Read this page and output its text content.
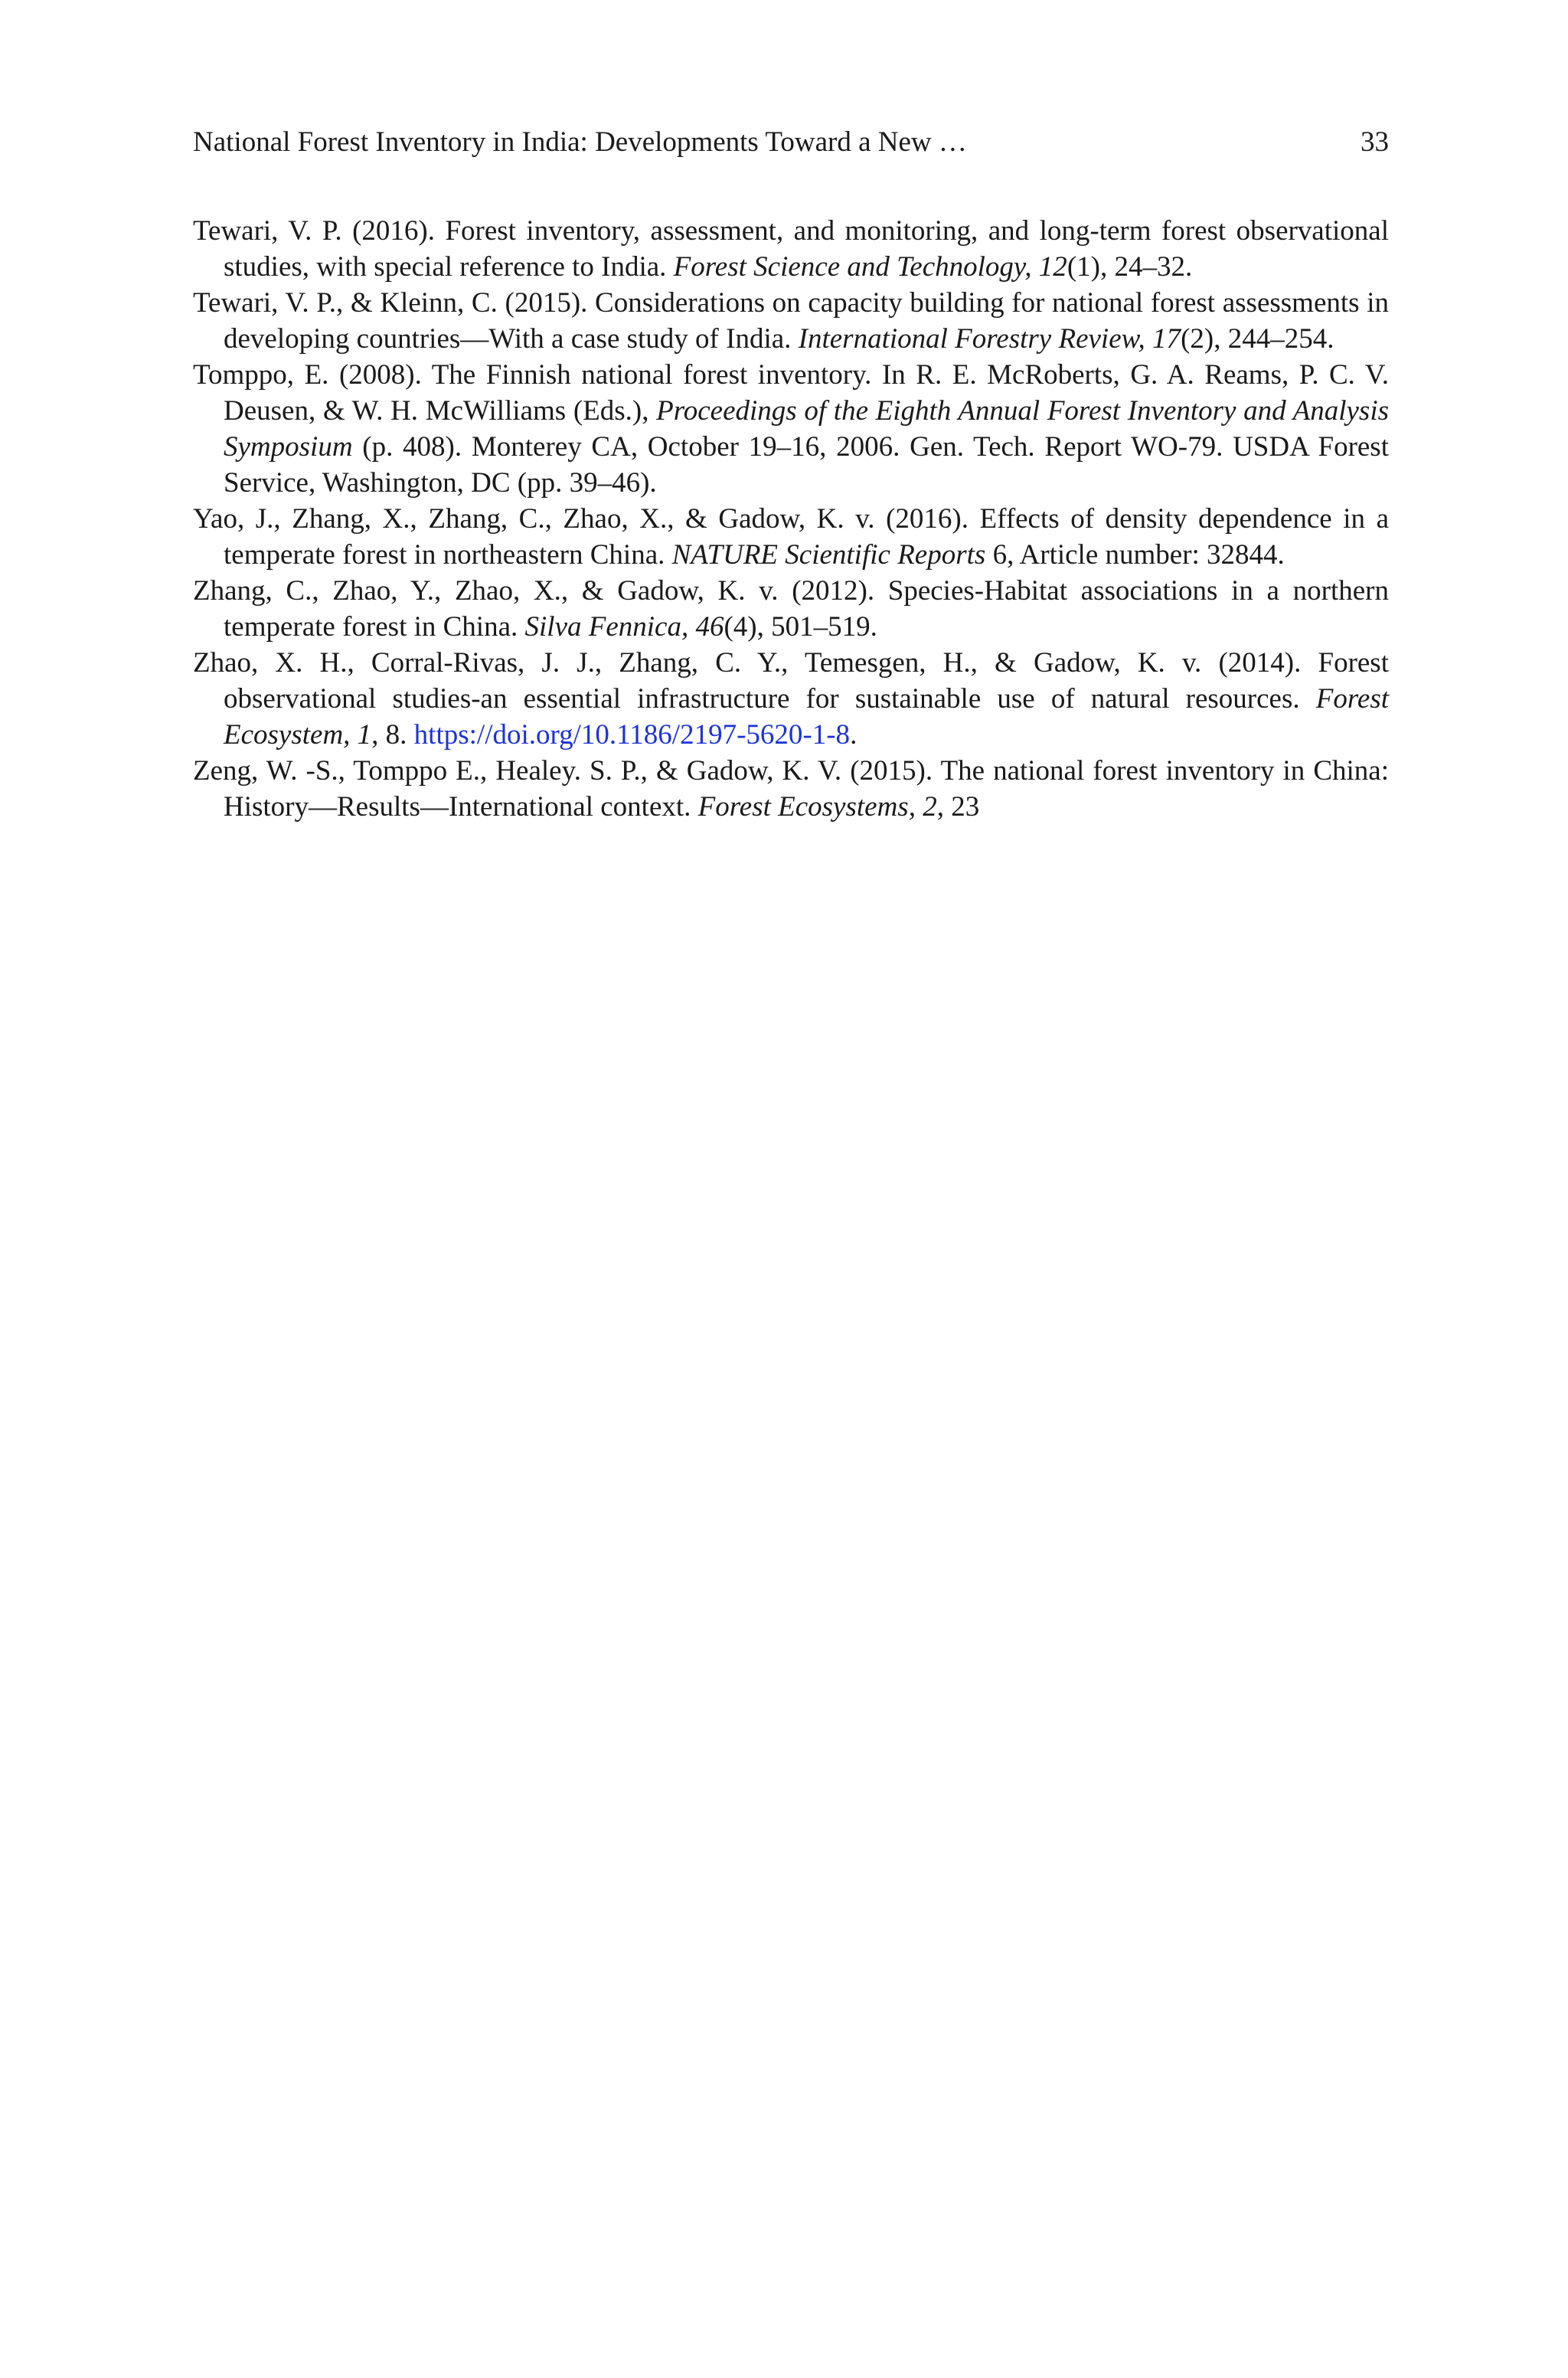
National Forest Inventory in India: Developments Toward a New …	33

Tewari, V. P. (2016). Forest inventory, assessment, and monitoring, and long-term forest observational studies, with special reference to India. Forest Science and Technology, 12(1), 24–32.

Tewari, V. P., & Kleinn, C. (2015). Considerations on capacity building for national forest assessments in developing countries—With a case study of India. International Forestry Review, 17(2), 244–254.

Tomppo, E. (2008). The Finnish national forest inventory. In R. E. McRoberts, G. A. Reams, P. C. V. Deusen, & W. H. McWilliams (Eds.), Proceedings of the Eighth Annual Forest Inventory and Analysis Symposium (p. 408). Monterey CA, October 19–16, 2006. Gen. Tech. Report WO-79. USDA Forest Service, Washington, DC (pp. 39–46).

Yao, J., Zhang, X., Zhang, C., Zhao, X., & Gadow, K. v. (2016). Effects of density dependence in a temperate forest in northeastern China. NATURE Scientific Reports 6, Article number: 32844.

Zhang, C., Zhao, Y., Zhao, X., & Gadow, K. v. (2012). Species-Habitat associations in a northern temperate forest in China. Silva Fennica, 46(4), 501–519.

Zhao, X. H., Corral-Rivas, J. J., Zhang, C. Y., Temesgen, H., & Gadow, K. v. (2014). Forest observational studies-an essential infrastructure for sustainable use of natural resources. Forest Ecosystem, 1, 8. https://doi.org/10.1186/2197-5620-1-8.

Zeng, W. -S., Tomppo E., Healey. S. P., & Gadow, K. V. (2015). The national forest inventory in China: History—Results—International context. Forest Ecosystems, 2, 23
